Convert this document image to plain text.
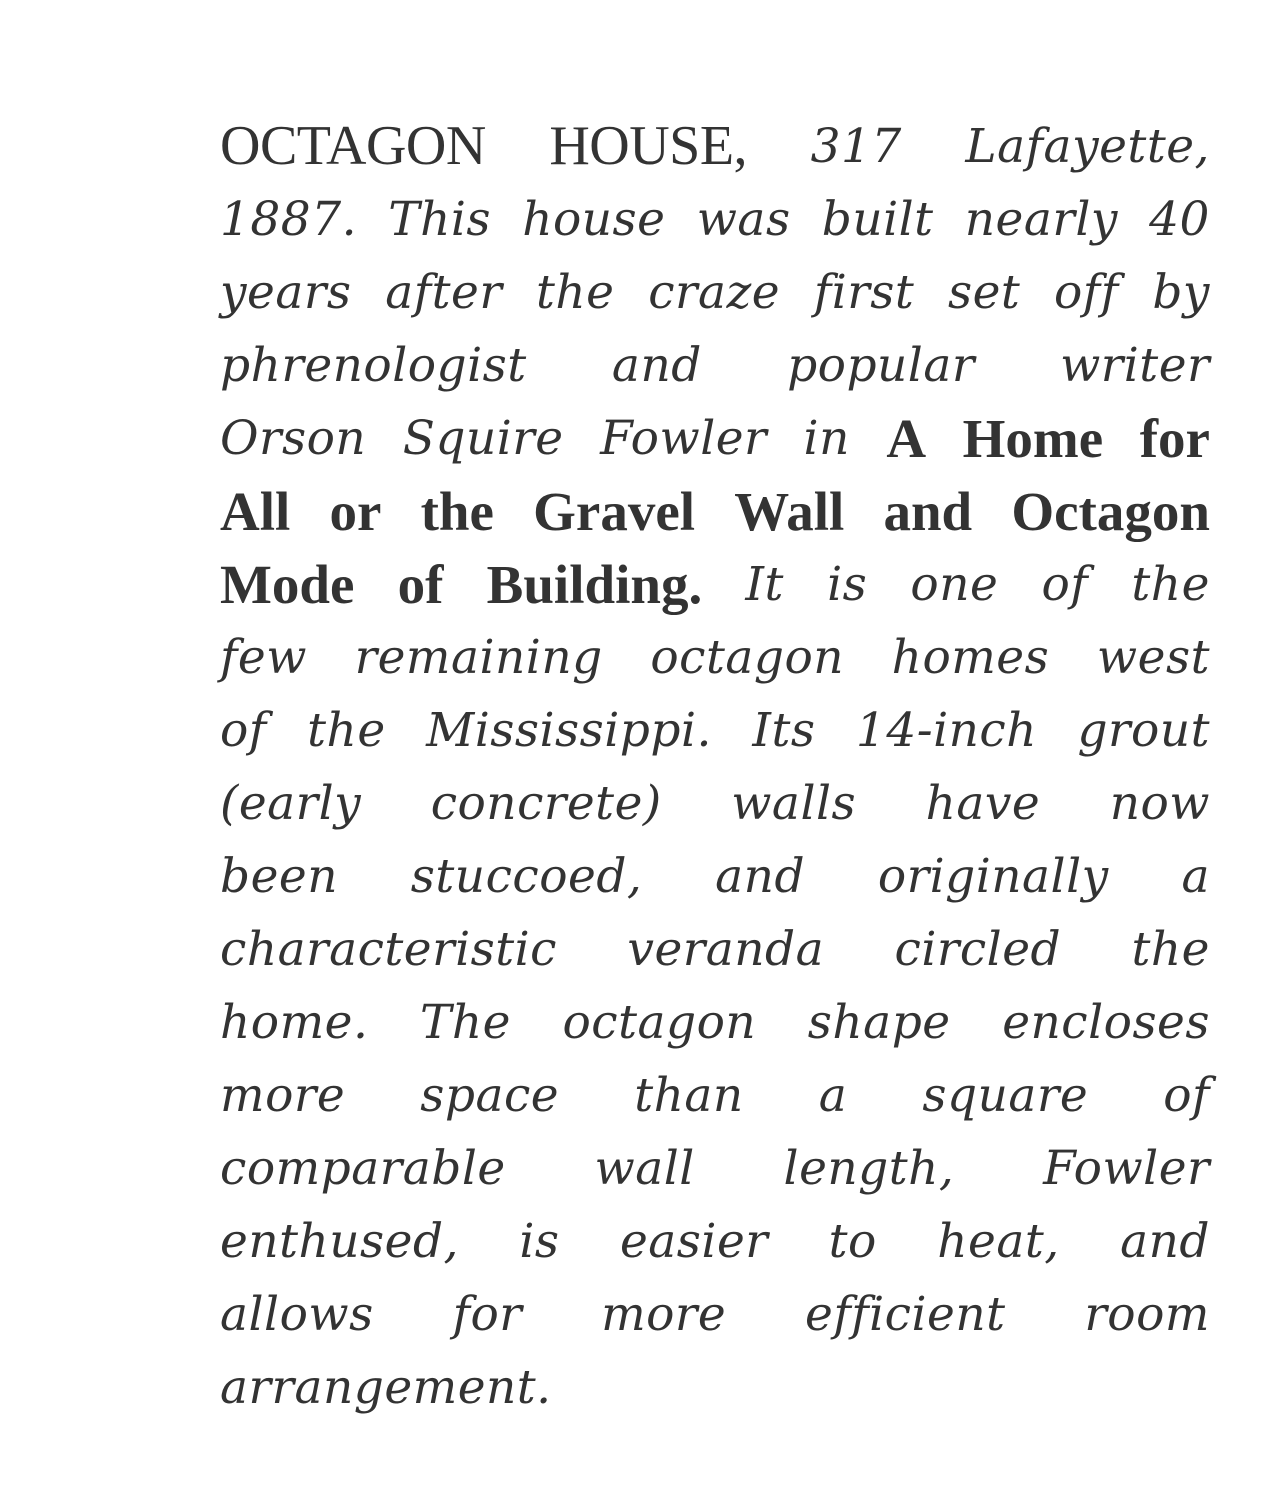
OCTAGON HOUSE, 317 Lafayette,
1887. This house was built nearly 40
years after the craze first set off by
phrenologist and popular writer
Orson Squire Fowler in A Home for
All or the Gravel Wall and Octagon
Mode of Building. It is one of the
few remaining octagon homes west
of the Mississippi. Its 14-inch grout
(early concrete) walls have now
been stuccoed, and originally a
characteristic veranda circled the
home. The octagon shape encloses
more space than a square of
comparable wall length, Fowler
enthused, is easier to heat, and
allows for more efficient room
arrangement.
